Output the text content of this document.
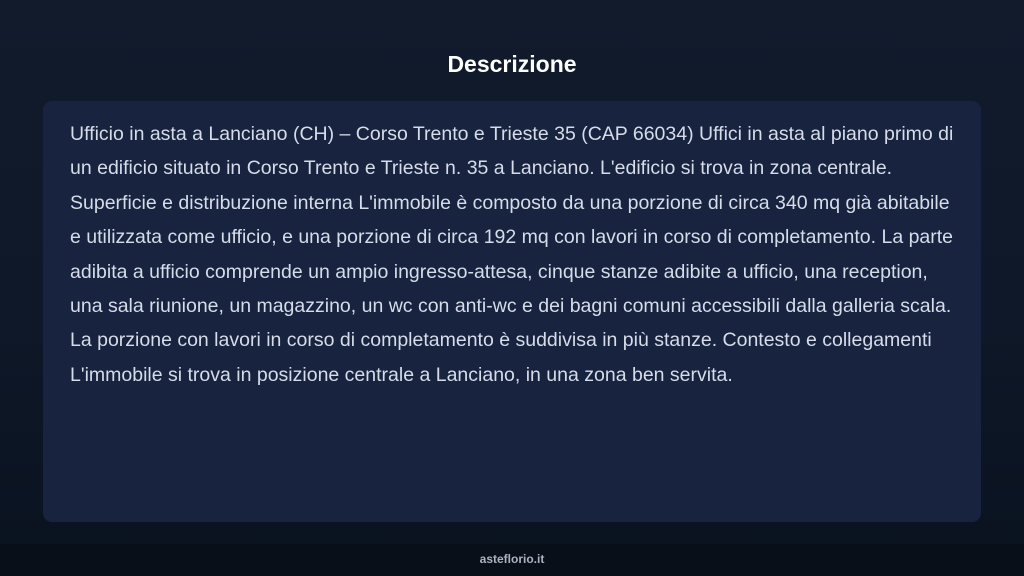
Descrizione

Ufficio in asta a Lanciano (CH) – Corso Trento e Trieste 35 (CAP 66034) Uffici in asta al piano primo di un edificio situato in Corso Trento e Trieste n. 35 a Lanciano. L'edificio si trova in zona centrale. Superficie e distribuzione interna L'immobile è composto da una porzione di circa 340 mq già abitabile e utilizzata come ufficio, e una porzione di circa 192 mq con lavori in corso di completamento. La parte adibita a ufficio comprende un ampio ingresso-attesa, cinque stanze adibite a ufficio, una reception, una sala riunione, un magazzino, un wc con anti-wc e dei bagni comuni accessibili dalla galleria scala. La porzione con lavori in corso di completamento è suddivisa in più stanze. Contesto e collegamenti L'immobile si trova in posizione centrale a Lanciano, in una zona ben servita.

asteflorio.it
